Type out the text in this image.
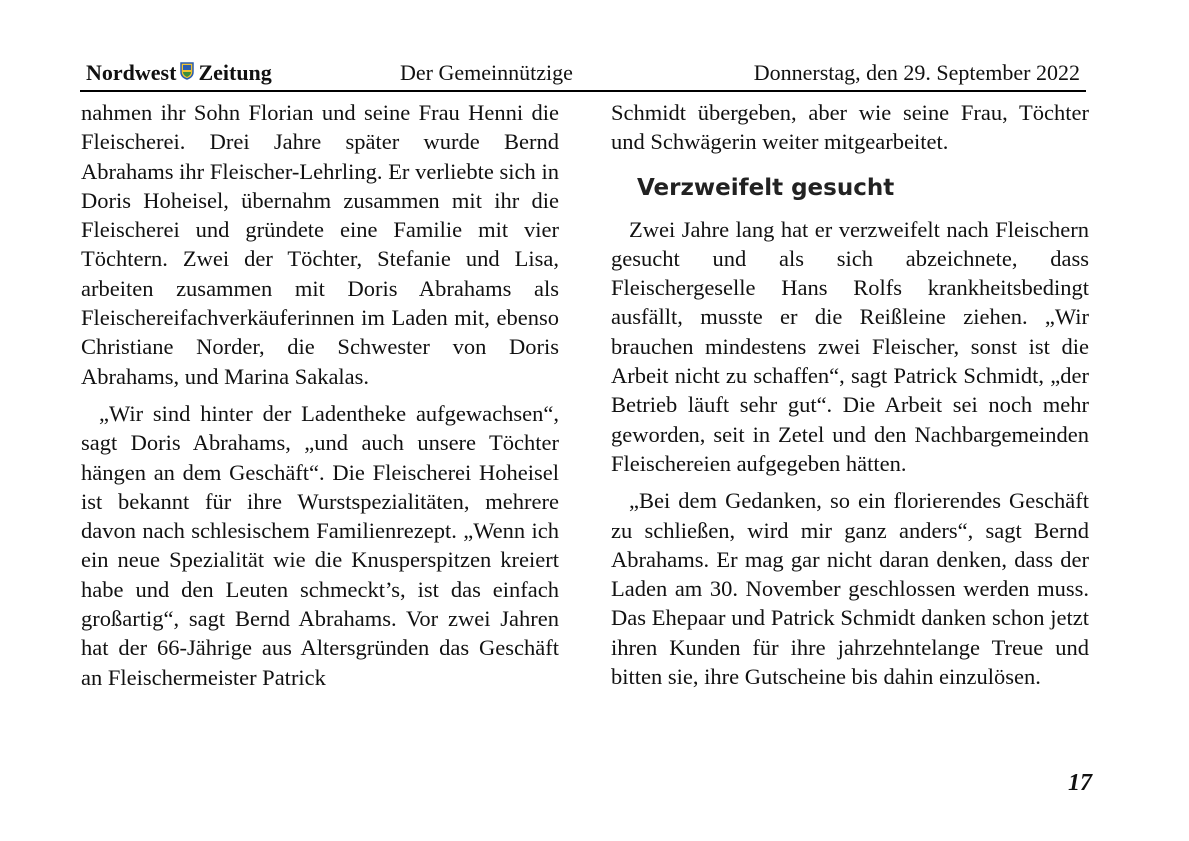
Nordwest Zeitung	Der Gemeinnützige	Donnerstag, den 29. September 2022

nahmen ihr Sohn Florian und seine Frau Henni die Fleischerei. Drei Jahre später wurde Bernd Abrahams ihr Fleischer-Lehrling. Er verliebte sich in Doris Hoheisel, übernahm zusammen mit ihr die Fleischerei und gründete eine Familie mit vier Töchtern. Zwei der Töchter, Stefanie und Lisa, arbeiten zusammen mit Doris Abrahams als Fleischereifachverkäuferinnen im Laden mit, ebenso Christiane Norder, die Schwester von Doris Abrahams, und Marina Sakalas.

„Wir sind hinter der Ladentheke aufgewachsen“, sagt Doris Abrahams, „und auch unsere Töchter hängen an dem Geschäft“. Die Fleischerei Hoheisel ist bekannt für ihre Wurstspezialitäten, mehrere davon nach schlesischem Familienrezept. „Wenn ich ein neue Spezialität wie die Knusperspitzen kreiert habe und den Leuten schmeckt’s, ist das einfach großartig“, sagt Bernd Abrahams. Vor zwei Jahren hat der 66-Jährige aus Altersgründen das Geschäft an Fleischermeister Patrick

Schmidt übergeben, aber wie seine Frau, Töchter und Schwägerin weiter mitgearbeitet.

Verzweifelt gesucht

Zwei Jahre lang hat er verzweifelt nach Fleischern gesucht und als sich abzeichnete, dass Fleischergeselle Hans Rolfs krankheitsbedingt ausfällt, musste er die Reißleine ziehen. „Wir brauchen mindestens zwei Fleischer, sonst ist die Arbeit nicht zu schaffen“, sagt Patrick Schmidt, „der Betrieb läuft sehr gut“. Die Arbeit sei noch mehr geworden, seit in Zetel und den Nachbargemeinden Fleischereien aufgegeben hätten.

„Bei dem Gedanken, so ein florierendes Geschäft zu schließen, wird mir ganz anders“, sagt Bernd Abrahams. Er mag gar nicht daran denken, dass der Laden am 30. November geschlossen werden muss. Das Ehepaar und Patrick Schmidt danken schon jetzt ihren Kunden für ihre jahrzehntelange Treue und bitten sie, ihre Gutscheine bis dahin einzulösen.

17
